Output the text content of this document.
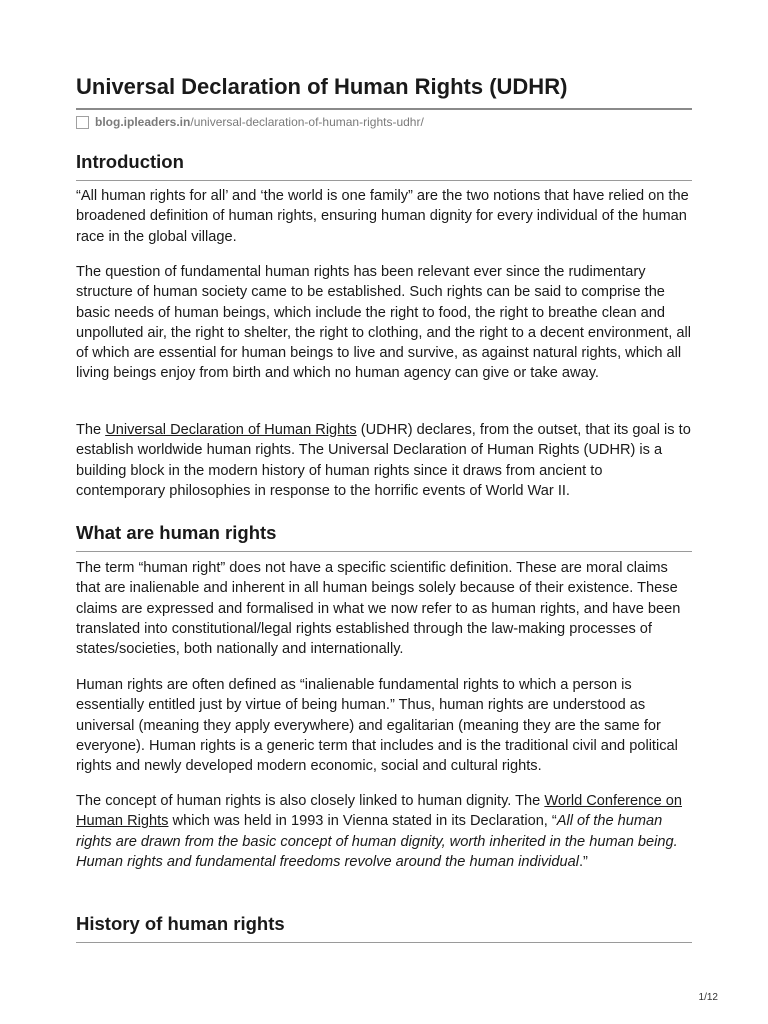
Universal Declaration of Human Rights (UDHR)
blog.ipleaders.in /universal-declaration-of-human-rights-udhr/
Introduction

“All human rights for all’ and ‘the world is one family” are the two notions that have relied on the broadened definition of human rights, ensuring human dignity for every individual of the human race in the global village.

The question of fundamental human rights has been relevant ever since the rudimentary structure of human society came to be established. Such rights can be said to comprise the basic needs of human beings, which include the right to food, the right to breathe clean and unpolluted air, the right to shelter, the right to clothing, and the right to a decent environment, all of which are essential for human beings to live and survive, as against natural rights, which all living beings enjoy from birth and which no human agency can give or take away.

The Universal Declaration of Human Rights (UDHR) declares, from the outset, that its goal is to establish worldwide human rights. The Universal Declaration of Human Rights (UDHR) is a building block in the modern history of human rights since it draws from ancient to contemporary philosophies in response to the horrific events of World War II.

What are human rights

The term “human right” does not have a specific scientific definition. These are moral claims that are inalienable and inherent in all human beings solely because of their existence. These claims are expressed and formalised in what we now refer to as human rights, and have been translated into constitutional/legal rights established through the law-making processes of states/societies, both nationally and internationally.

Human rights are often defined as “inalienable fundamental rights to which a person is essentially entitled just by virtue of being human.” Thus, human rights are understood as universal (meaning they apply everywhere) and egalitarian (meaning they are the same for everyone). Human rights is a generic term that includes and is the traditional civil and political rights and newly developed modern economic, social and cultural rights.

The concept of human rights is also closely linked to human dignity. The World Conference on Human Rights which was held in 1993 in Vienna stated in its Declaration, “All of the human rights are drawn from the basic concept of human dignity, worth inherited in the human being. Human rights and fundamental freedoms revolve around the human individual.”

History of human rights
1/12
